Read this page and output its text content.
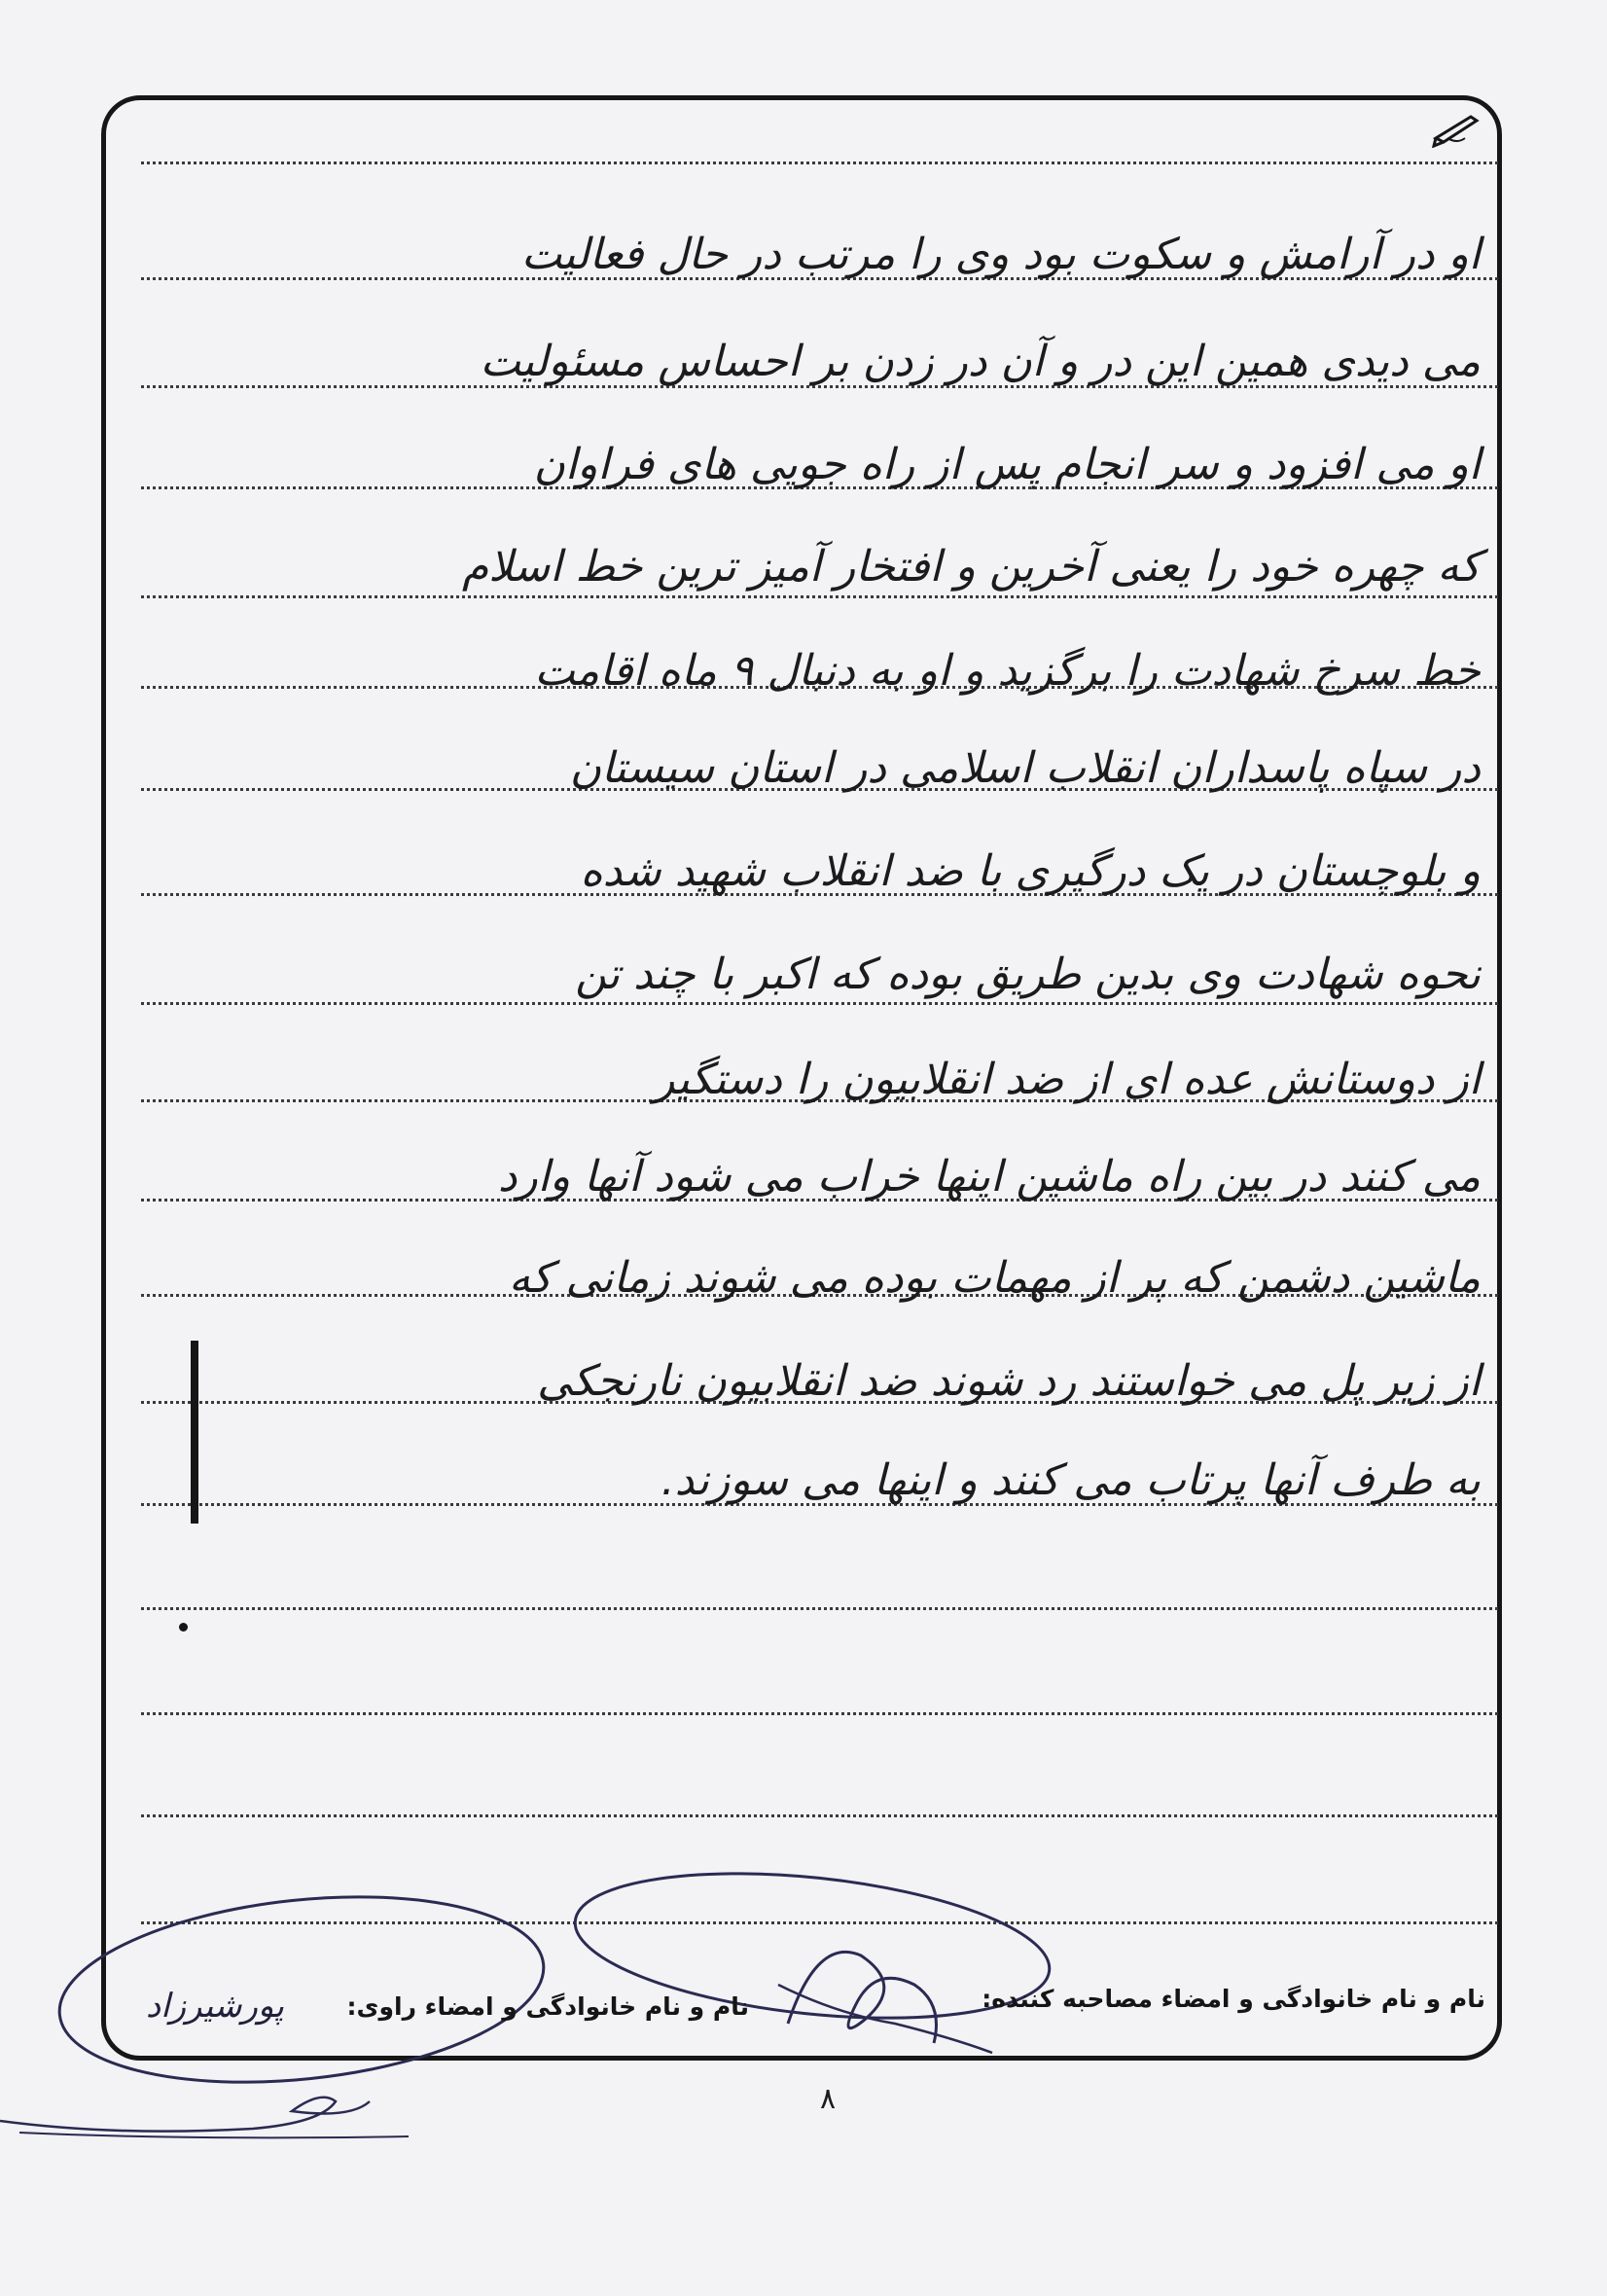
او در آرامش و سکوت بود وی را مرتب در حال فعالیت
می دیدی همین این در و آن در زدن بر احساس مسئولیت
او می افزود و سر انجام پس از راه جویی های فراوان
که چهره خود را یعنی آخرین و افتخار آمیز ترین خط اسلام
خط سرخ شهادت را برگزید و او به دنبال ۹ ماه اقامت
در سپاه پاسداران انقلاب اسلامی در استان سیستان
و بلوچستان در یک درگیری با ضد انقلاب شهید شده
نحوه شهادت وی بدین طریق بوده که اکبر با چند تن
از دوستانش عده ای از ضد انقلابیون را دستگیر
می کنند در بین راه ماشین اینها خراب می شود آنها وارد
ماشین دشمن که پر از مهمات بوده می شوند زمانی که
از زیر پل می خواستند رد شوند ضد انقلابیون نارنجکی
به طرف آنها پرتاب می کنند و اینها می سوزند.
نام و نام خانوادگی و امضاء مصاحبه کننده:
نام و نام خانوادگی و امضاء راوی:
پورشیرزاد
۸
